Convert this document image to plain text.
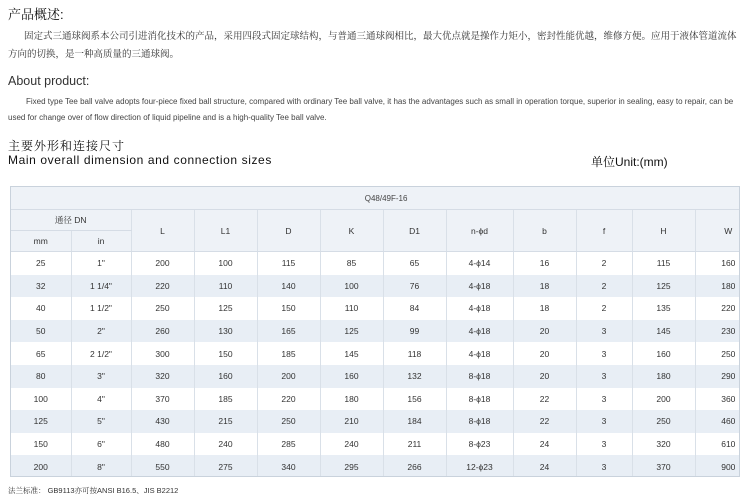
产品概述:
固定式三通球阀系本公司引进消化技术的产品，采用四段式固定球结构，与普通三通球阀相比，最大优点就是操作力矩小，密封性能优越，维修方便。应用于液体管道流体方向的切换，是一种高质量的三通球阀。
About product:
Fixed type Tee ball valve adopts four-piece fixed ball structure, compared with ordinary Tee ball valve, it has the advantages such as small in operation torque, superior in sealing, easy to repair, can be used for change over of flow direction of liquid pipeline and is a high-quality Tee ball valve.
主要外形和连接尺寸
Main overall dimension and connection sizes	单位Unit:(mm)
Q48/49F-16											
通径 DN		L	L1	D	K	D1	n-ϕd	b	f	H	W
mm	in										
25	1"	200	100	115	85	65	4-ϕ14	16	2	115	160
32	1 1/4"	220	110	140	100	76	4-ϕ18	18	2	125	180
40	1 1/2"	250	125	150	110	84	4-ϕ18	18	2	135	220
50	2"	260	130	165	125	99	4-ϕ18	20	3	145	230
65	2 1/2"	300	150	185	145	118	4-ϕ18	20	3	160	250
80	3"	320	160	200	160	132	8-ϕ18	20	3	180	290
100	4"	370	185	220	180	156	8-ϕ18	22	3	200	360
125	5"	430	215	250	210	184	8-ϕ18	22	3	250	460
150	6"	480	240	285	240	211	8-ϕ23	24	3	320	610
200	8"	550	275	340	295	266	12-ϕ23	24	3	370	900
法兰标准： GB9113亦可按ANSI B16.5、JIS B2212
